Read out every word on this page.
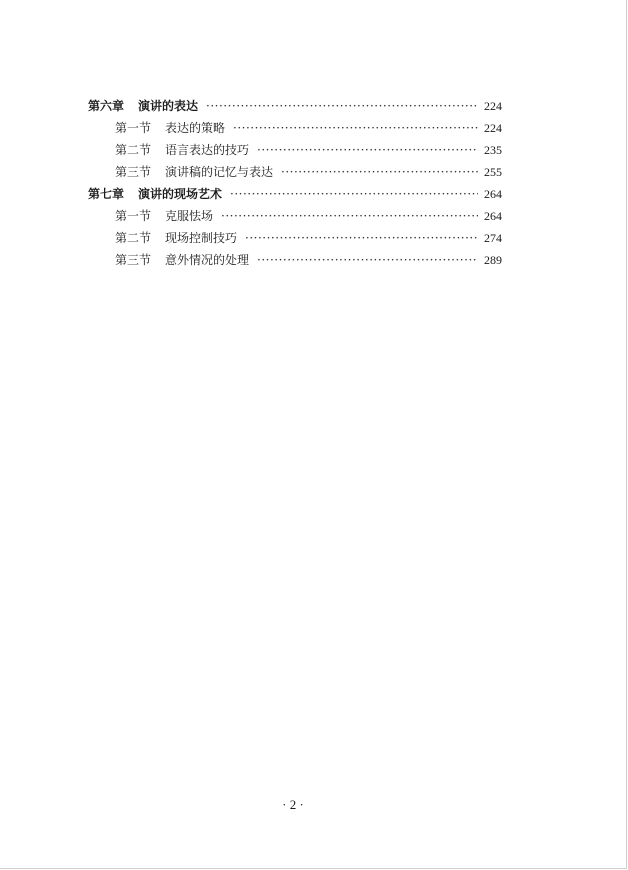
第六章 演讲的表达 ·····	224
第一节 表达的策略 ·····	224
第二节 语言表达的技巧 ·····	235
第三节 演讲稿的记忆与表达 ·····	255
第七章 演讲的现场艺术 ·····	264
第一节 克服怯场 ·····	264
第二节 现场控制技巧 ·····	274
第三节 意外情况的处理 ·····	289
· 2 ·
